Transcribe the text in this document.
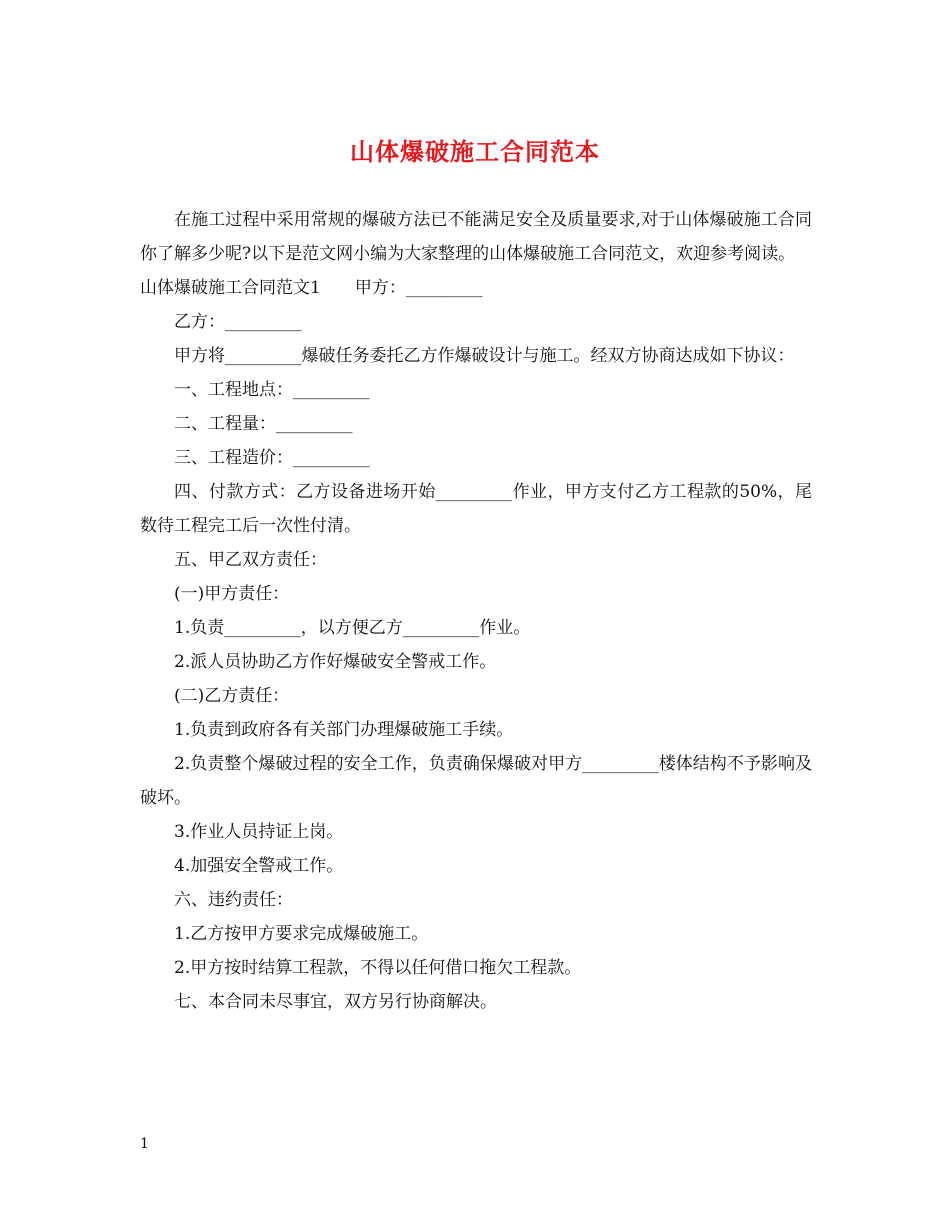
山体爆破施工合同范本

在施工过程中采用常规的爆破方法已不能满足安全及质量要求,对于山体爆破施工合同你了解多少呢?以下是范文网小编为大家整理的山体爆破施工合同范文，欢迎参考阅读。

山体爆破施工合同范文1　　甲方：_________

乙方：_________

甲方将_________爆破任务委托乙方作爆破设计与施工。经双方协商达成如下协议：

一、工程地点：_________

二、工程量：_________

三、工程造价：_________

四、付款方式：乙方设备进场开始_________作业，甲方支付乙方工程款的50%，尾数待工程完工后一次性付清。

五、甲乙双方责任：

(一)甲方责任：

1.负责_________，以方便乙方_________作业。

2.派人员协助乙方作好爆破安全警戒工作。

(二)乙方责任：

1.负责到政府各有关部门办理爆破施工手续。

2.负责整个爆破过程的安全工作，负责确保爆破对甲方_________楼体结构不予影响及破坏。

3.作业人员持证上岗。

4.加强安全警戒工作。

六、违约责任：

1.乙方按甲方要求完成爆破施工。

2.甲方按时结算工程款，不得以任何借口拖欠工程款。

七、本合同未尽事宜，双方另行协商解决。

1
